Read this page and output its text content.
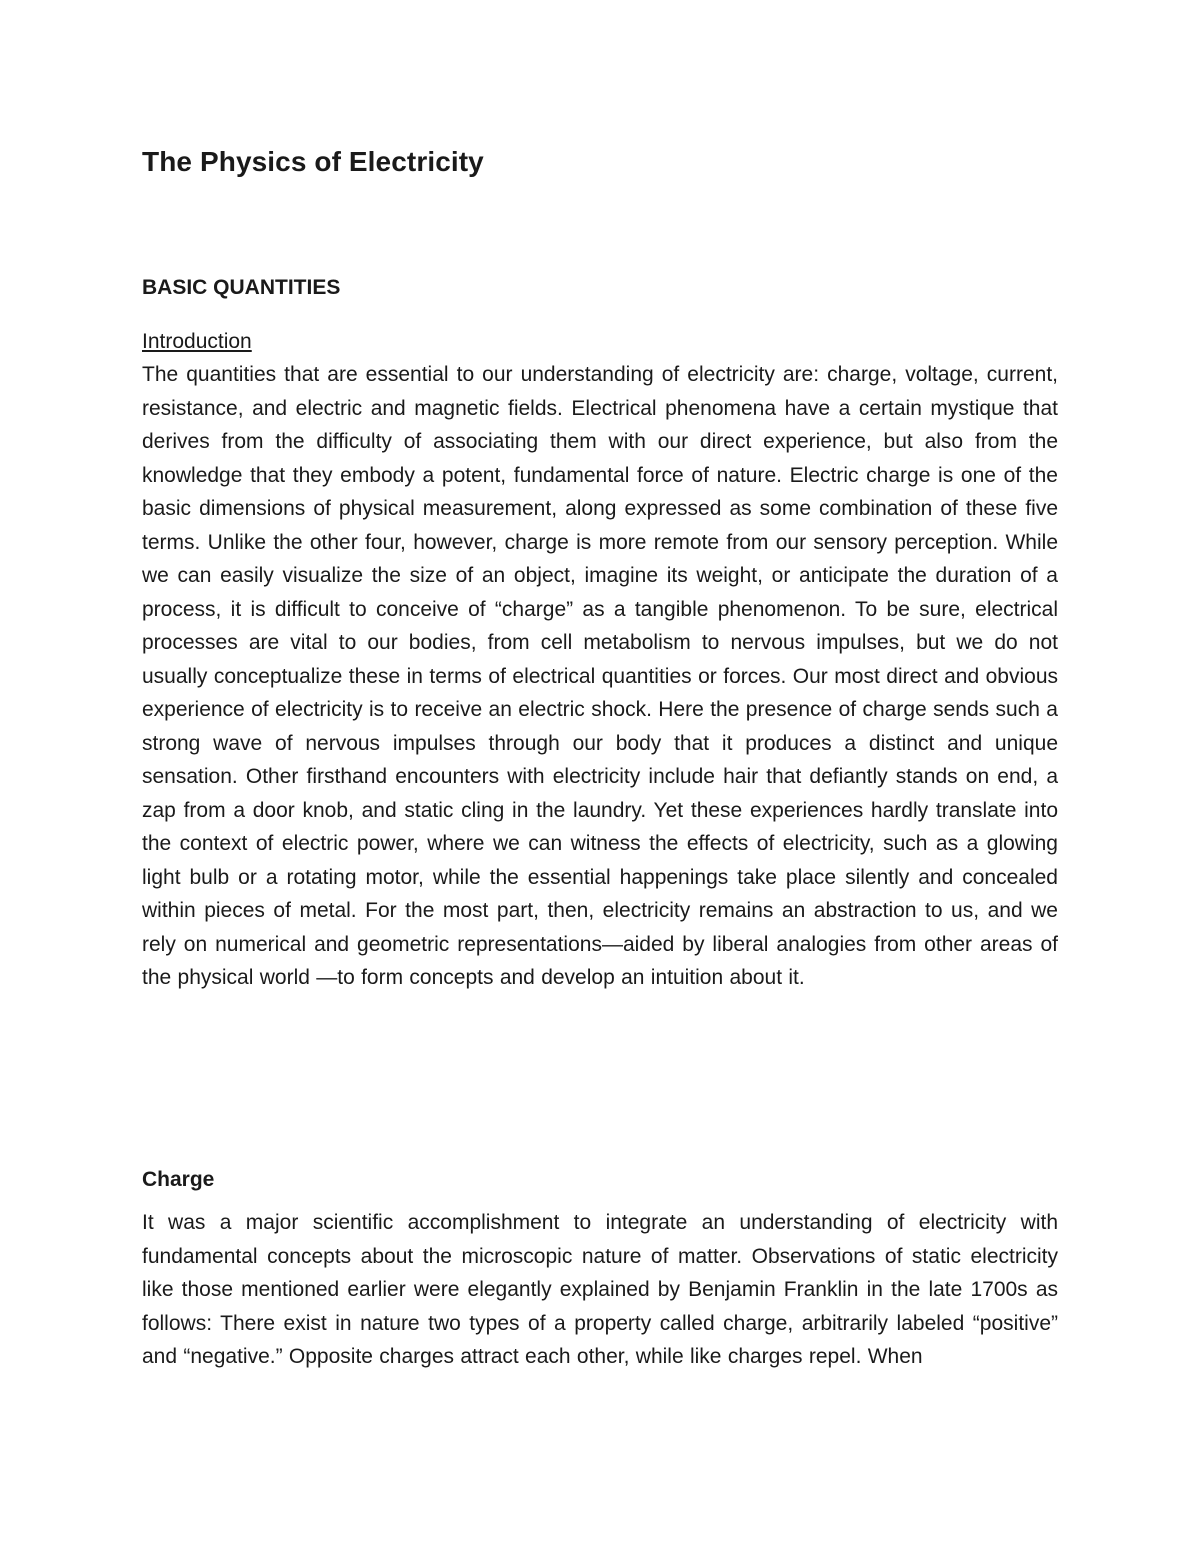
The Physics of Electricity
BASIC QUANTITIES
Introduction

The quantities that are essential to our understanding of electricity are: charge, voltage, current, resistance, and electric and magnetic fields. Electrical phenomena have a certain mystique that derives from the difficulty of associating them with our direct experience, but also from the knowledge that they embody a potent, fundamental force of nature. Electric charge is one of the basic dimensions of physical measurement, along expressed as some combination of these five terms. Unlike the other four, however, charge is more remote from our sensory perception. While we can easily visualize the size of an object, imagine its weight, or anticipate the duration of a process, it is difficult to conceive of “charge” as a tangible phenomenon. To be sure, electrical processes are vital to our bodies, from cell metabolism to nervous impulses, but we do not usually conceptualize these in terms of electrical quantities or forces. Our most direct and obvious experience of electricity is to receive an electric shock. Here the presence of charge sends such a strong wave of nervous impulses through our body that it produces a distinct and unique sensation. Other firsthand encounters with electricity include hair that defiantly stands on end, a zap from a door knob, and static cling in the laundry. Yet these experiences hardly translate into the context of electric power, where we can witness the effects of electricity, such as a glowing light bulb or a rotating motor, while the essential happenings take place silently and concealed within pieces of metal. For the most part, then, electricity remains an abstraction to us, and we rely on numerical and geometric representations—aided by liberal analogies from other areas of the physical world —to form concepts and develop an intuition about it.

Charge

It was a major scientific accomplishment to integrate an understanding of electricity with fundamental concepts about the microscopic nature of matter. Observations of static electricity like those mentioned earlier were elegantly explained by Benjamin Franklin in the late 1700s as follows: There exist in nature two types of a property called charge, arbitrarily labeled “positive” and “negative.” Opposite charges attract each other, while like charges repel. When
